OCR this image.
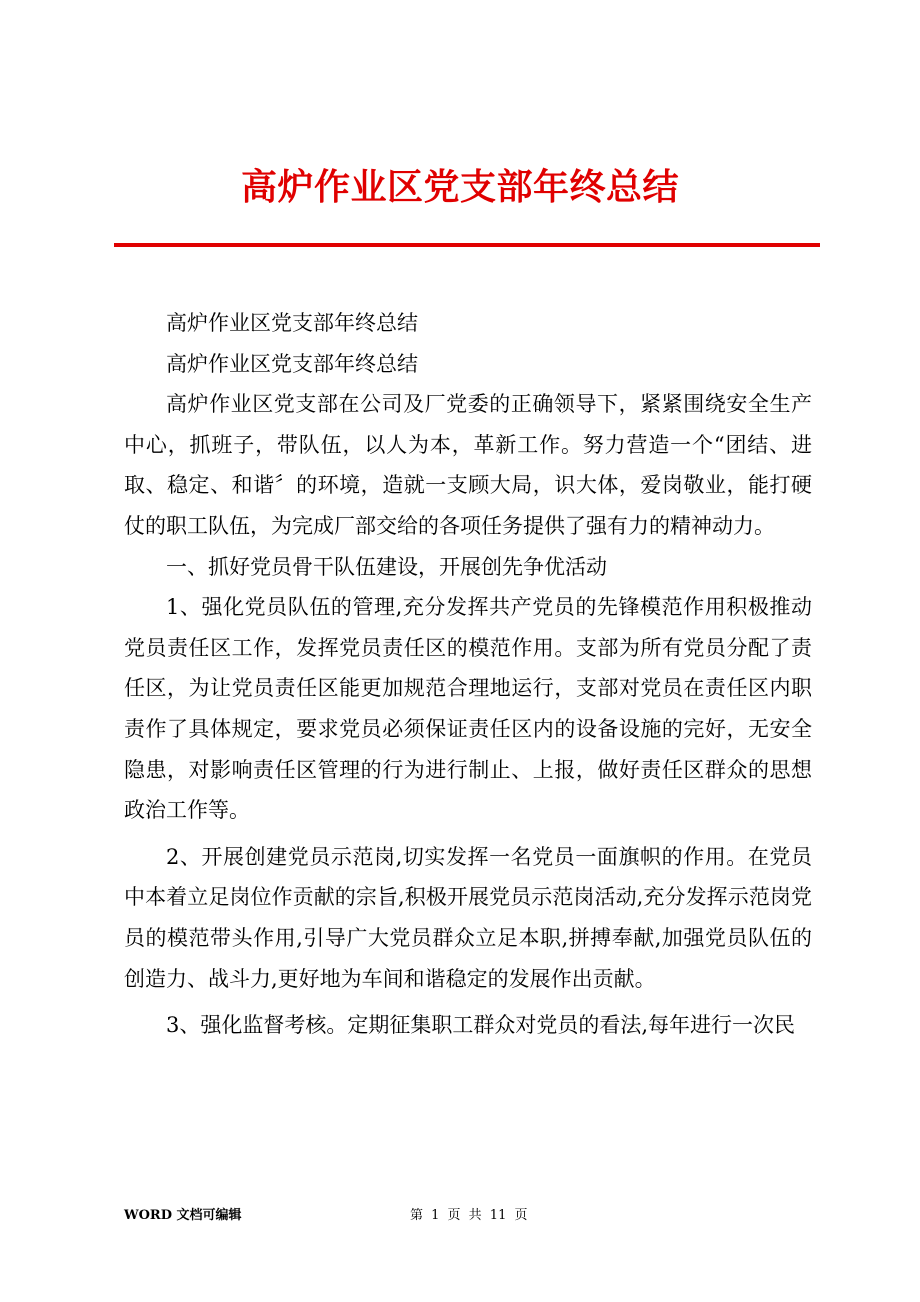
高炉作业区党支部年终总结

高炉作业区党支部年终总结

高炉作业区党支部年终总结

高炉作业区党支部在公司及厂党委的正确领导下，紧紧围绕安全生产中心，抓班子，带队伍，以人为本，革新工作。努力营造一个“团结、进取、稳定、和谐〞的环境，造就一支顾大局，识大体，爱岗敬业，能打硬仗的职工队伍，为完成厂部交给的各项任务提供了强有力的精神动力。

一、抓好党员骨干队伍建设，开展创先争优活动

1、强化党员队伍的管理,充分发挥共产党员的先锋模范作用积极推动党员责任区工作，发挥党员责任区的模范作用。支部为所有党员分配了责任区，为让党员责任区能更加规范合理地运行，支部对党员在责任区内职责作了具体规定，要求党员必须保证责任区内的设备设施的完好，无安全隐患，对影响责任区管理的行为进行制止、上报，做好责任区群众的思想政治工作等。

2、开展创建党员示范岗,切实发挥一名党员一面旗帜的作用。在党员中本着立足岗位作贡献的宗旨,积极开展党员示范岗活动,充分发挥示范岗党员的模范带头作用,引导广大党员群众立足本职,拼搏奉献,加强党员队伍的创造力、战斗力,更好地为车间和谐稳定的发展作出贡献。

3、强化监督考核。定期征集职工群众对党员的看法,每年进行一次民

WORD 文档可编辑	第 1 页 共 11 页
